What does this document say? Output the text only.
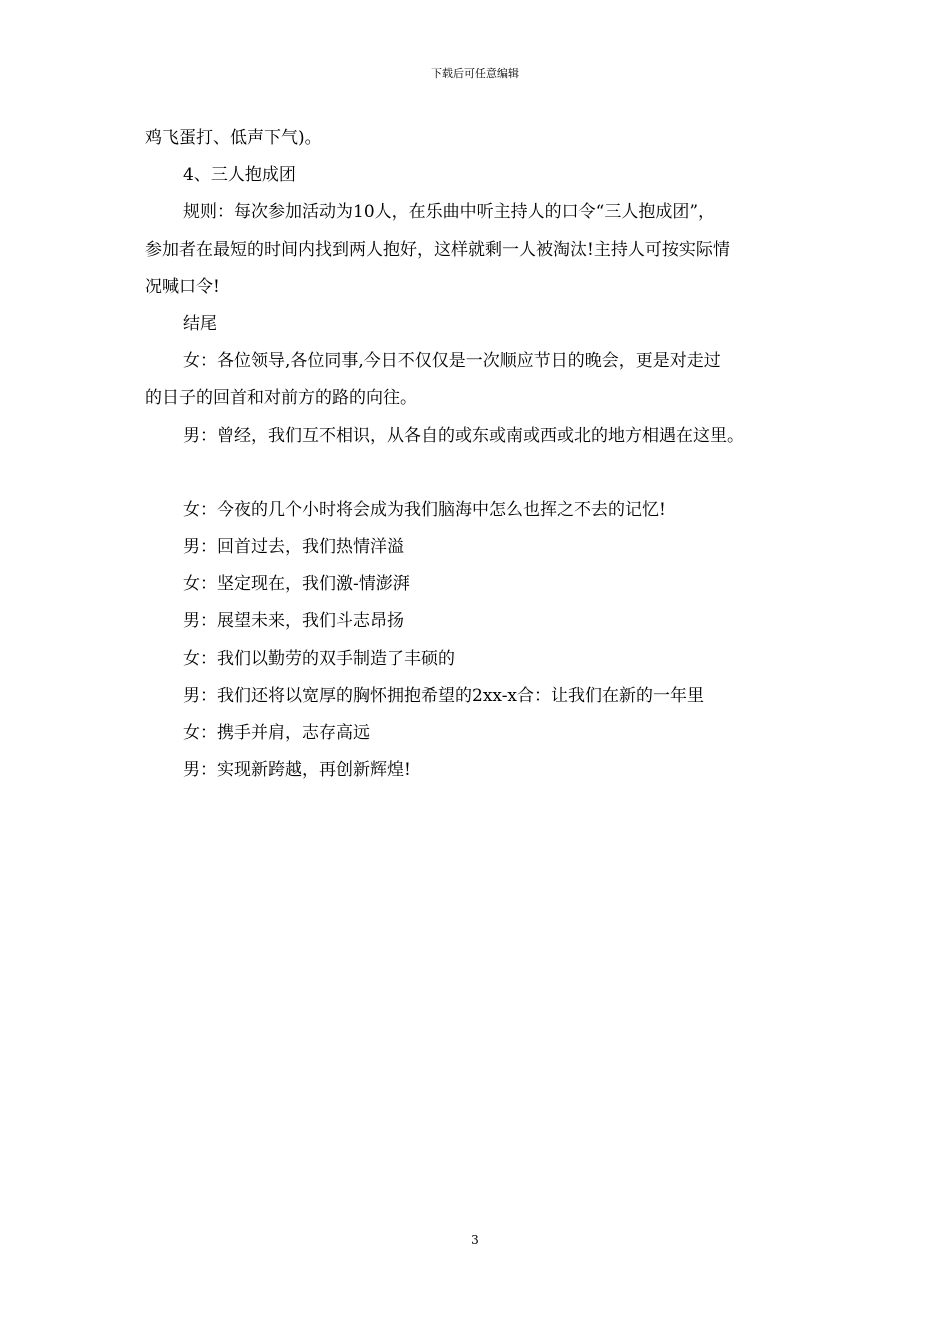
下载后可任意编辑
鸡飞蛋打、低声下气)。
4、三人抱成团
规则：每次参加活动为10人，在乐曲中听主持人的口令“三人抱成团”，
参加者在最短的时间内找到两人抱好，这样就剩一人被淘汰!主持人可按实际情
况喊口令!
结尾
女：各位领导,各位同事,今日不仅仅是一次顺应节日的晚会，更是对走过
的日子的回首和对前方的路的向往。
男：曾经，我们互不相识，从各自的或东或南或西或北的地方相遇在这里。
女：今夜的几个小时将会成为我们脑海中怎么也挥之不去的记忆!
男：回首过去，我们热情洋溢
女：坚定现在，我们激-情澎湃
男：展望未来，我们斗志昂扬
女：我们以勤劳的双手制造了丰硕的
男：我们还将以宽厚的胸怀拥抱希望的2xx-x合：让我们在新的一年里
女：携手并肩，志存高远
男：实现新跨越，再创新辉煌!
3
